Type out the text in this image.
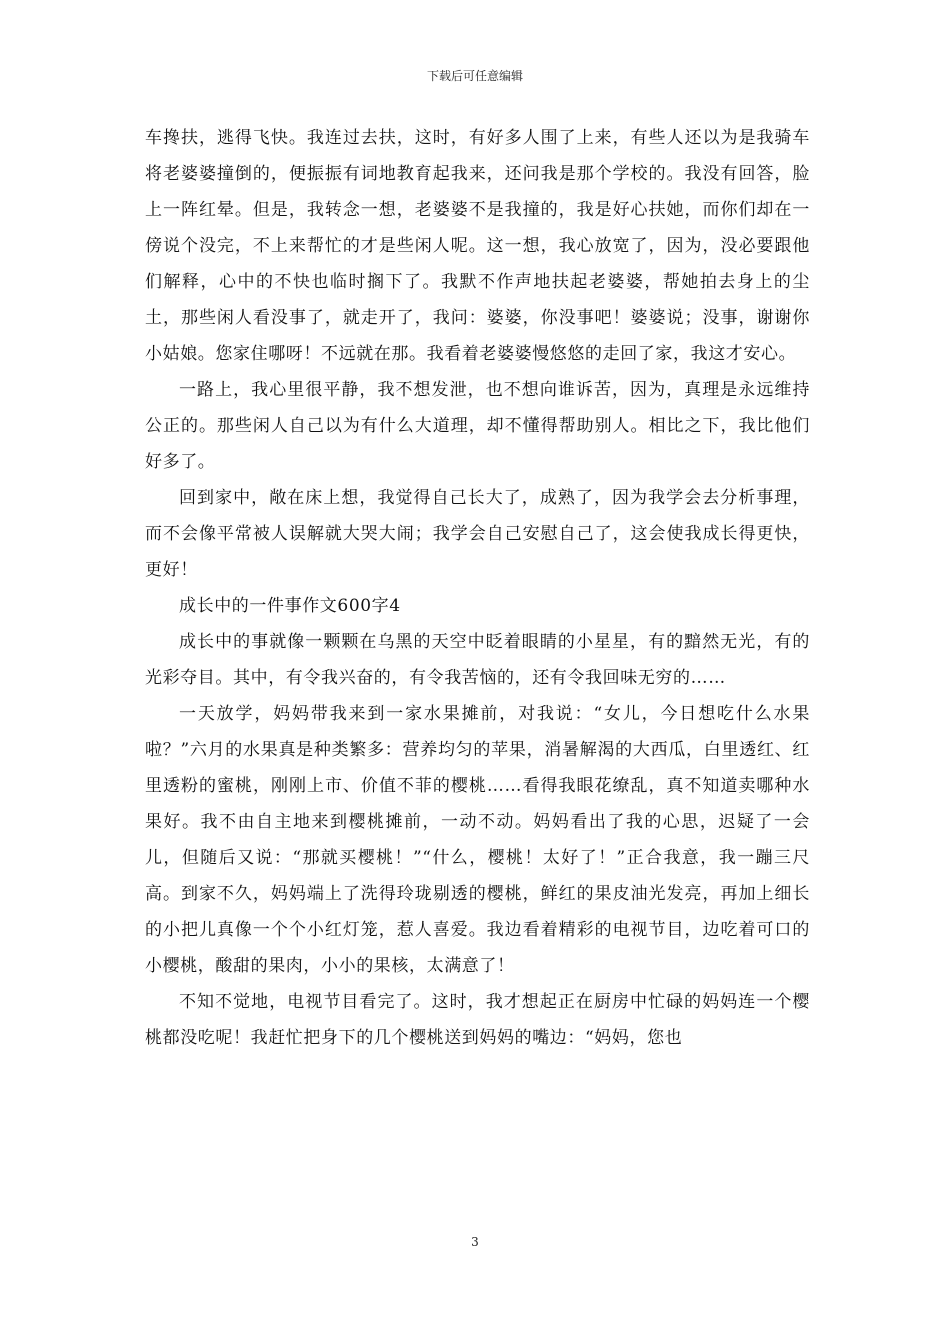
下载后可任意编辑

车搀扶，逃得飞快。我连过去扶，这时，有好多人围了上来，有些人还以为是我骑车将老婆婆撞倒的，便振振有词地教育起我来，还问我是那个学校的。我没有回答，脸上一阵红晕。但是，我转念一想，老婆婆不是我撞的，我是好心扶她，而你们却在一傍说个没完，不上来帮忙的才是些闲人呢。这一想，我心放宽了，因为，没必要跟他们解释，心中的不快也临时搁下了。我默不作声地扶起老婆婆，帮她拍去身上的尘土，那些闲人看没事了，就走开了，我问：婆婆，你没事吧！婆婆说；没事，谢谢你小姑娘。您家住哪呀！不远就在那。我看着老婆婆慢悠悠的走回了家，我这才安心。

一路上，我心里很平静，我不想发泄，也不想向谁诉苦，因为，真理是永远维持公正的。那些闲人自己以为有什么大道理，却不懂得帮助别人。相比之下，我比他们好多了。

回到家中，敞在床上想，我觉得自己长大了，成熟了，因为我学会去分析事理，而不会像平常被人误解就大哭大闹；我学会自己安慰自己了，这会使我成长得更快，更好！

成长中的一件事作文600字4

成长中的事就像一颗颗在乌黑的天空中眨着眼睛的小星星，有的黯然无光，有的光彩夺目。其中，有令我兴奋的，有令我苦恼的，还有令我回味无穷的……

一天放学，妈妈带我来到一家水果摊前，对我说：“女儿，今日想吃什么水果啦？”六月的水果真是种类繁多：营养均匀的苹果，消暑解渴的大西瓜，白里透红、红里透粉的蜜桃，刚刚上市、价值不菲的樱桃……看得我眼花缭乱，真不知道卖哪种水果好。我不由自主地来到樱桃摊前，一动不动。妈妈看出了我的心思，迟疑了一会儿，但随后又说：“那就买樱桃！”“什么，樱桃！太好了！”正合我意，我一蹦三尺高。到家不久，妈妈端上了洗得玲珑剔透的樱桃，鲜红的果皮油光发亮，再加上细长的小把儿真像一个个小红灯笼，惹人喜爱。我边看着精彩的电视节目，边吃着可口的小樱桃，酸甜的果肉，小小的果核，太满意了！

不知不觉地，电视节目看完了。这时，我才想起正在厨房中忙碌的妈妈连一个樱桃都没吃呢！我赶忙把身下的几个樱桃送到妈妈的嘴边：“妈妈，您也

3
